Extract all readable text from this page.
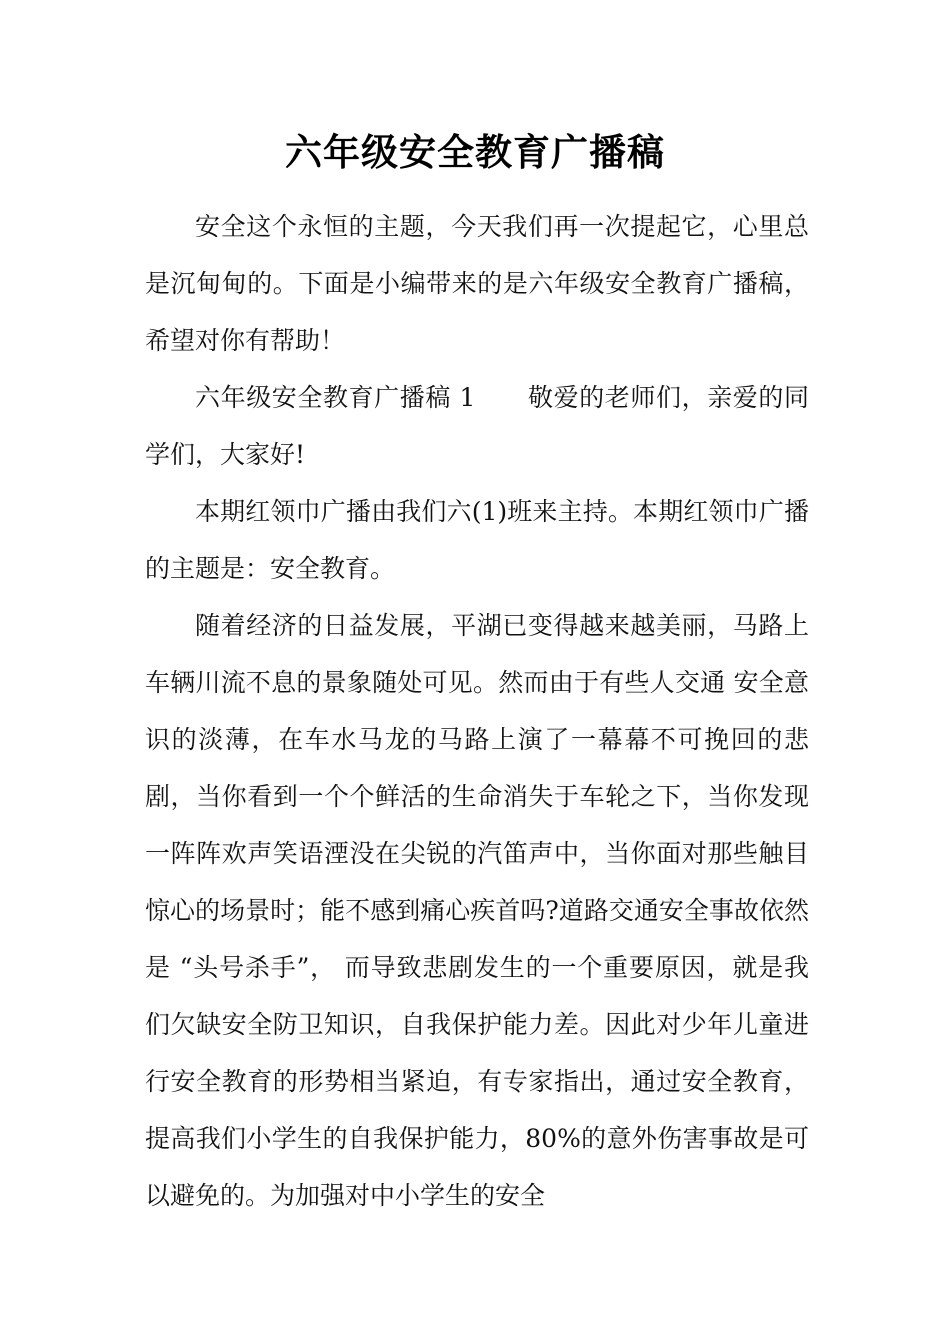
六年级安全教育广播稿

安全这个永恒的主题，今天我们再一次提起它，心里总是沉甸甸的。下面是小编带来的是六年级安全教育广播稿，希望对你有帮助！

六年级安全教育广播稿 1 敬爱的老师们，亲爱的同学们，大家好!

本期红领巾广播由我们六(1)班来主持。本期红领巾广播的主题是：安全教育。

随着经济的日益发展，平湖已变得越来越美丽，马路上车辆川流不息的景象随处可见。然而由于有些人交通 安全意识的淡薄，在车水马龙的马路上演了一幕幕不可挽回的悲剧，当你看到一个个鲜活的生命消失于车轮之下，当你发现一阵阵欢声笑语湮没在尖锐的汽笛声中，当你面对那些触目惊心的场景时；能不感到痛心疾首吗?道路交通安全事故依然是 “头号杀手”， 而导致悲剧发生的一个重要原因，就是我们欠缺安全防卫知识，自我保护能力差。因此对少年儿童进行安全教育的形势相当紧迫，有专家指出，通过安全教育，提高我们小学生的自我保护能力，80%的意外伤害事故是可以避免的。为加强对中小学生的安全
